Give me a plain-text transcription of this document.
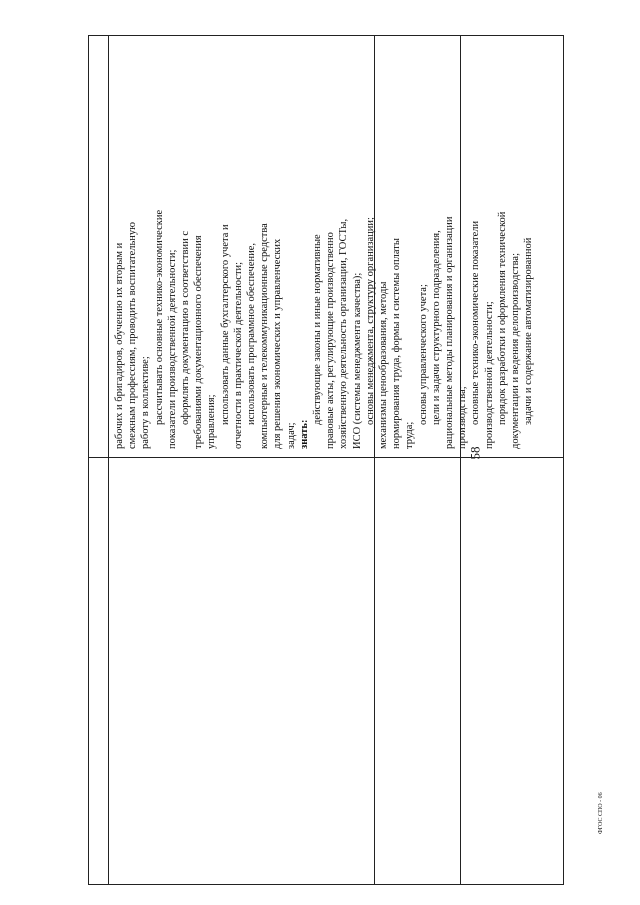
58
рабочих и бригадиров, обучению их вторым и смежным профессиям, проводить воспитательную работу в коллективе; рассчитывать основные технико-экономические показатели производственной деятельности; оформлять документацию в соответствии с требованиями документационного обеспечения управления; использовать данные бухгалтерского учета и отчетности в практической деятельности; использовать программное обеспечение, компьютерные и телекоммуникационные средства для решения экономических и управленческих задач; знать:
действующие законы и иные нормативные правовые акты, регулирующие производственно хозяйственную деятельность организации, ГОСТы, ИСО (системы менеджмента качества); основы менеджмента, структуру организации; механизмы ценообразования, методы нормирования труда, формы и системы оплаты труда;
основы управленческого учета; цели и задачи структурного подразделения, рациональные методы планирования и организации производства; основные технико-экономические показатели производственной деятельности; порядок разработки и оформления технической документации и ведения делопроизводства; задачи и содержание автоматизированной
ФГОС СПО - 06
